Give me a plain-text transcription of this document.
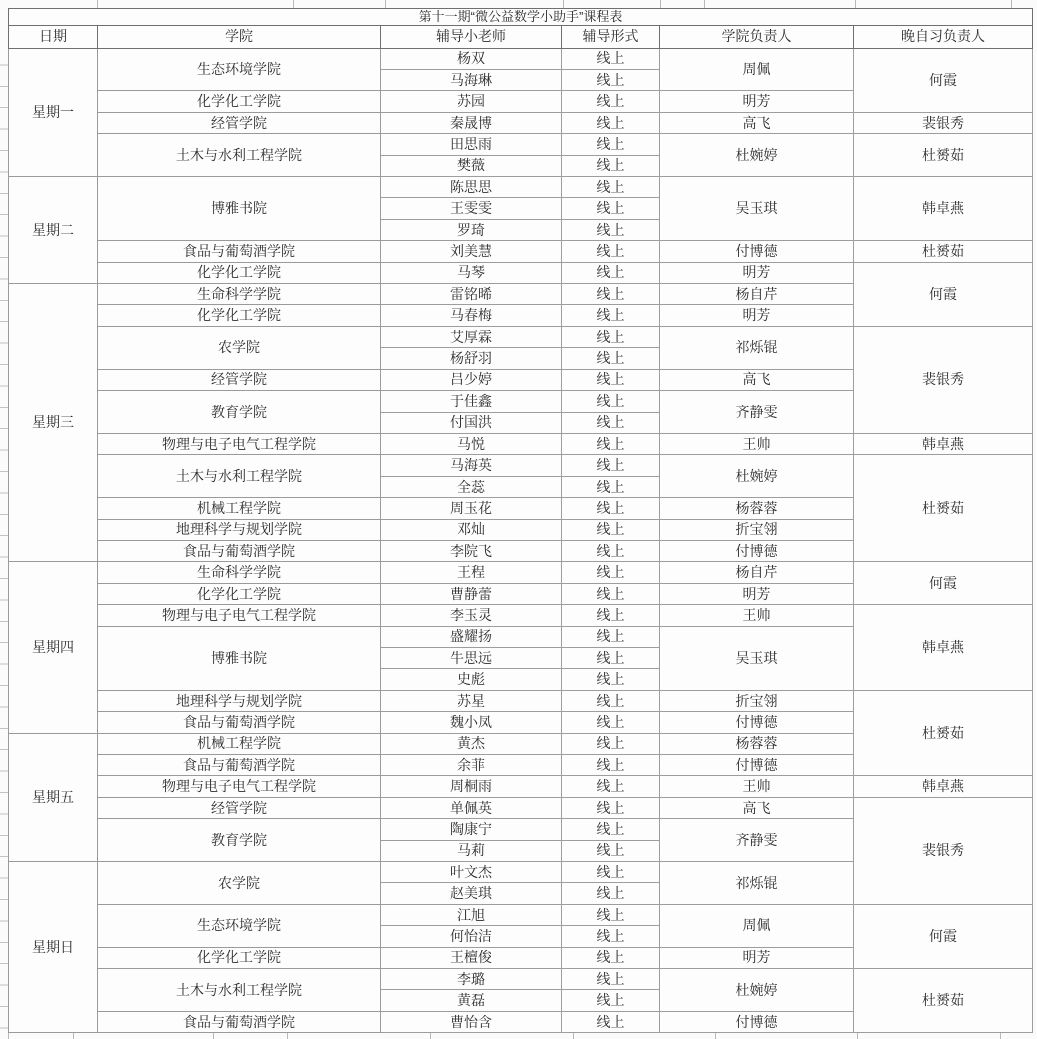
第十一期“微公益数学小助手”课程表					
日期	学院	辅导小老师	辅导形式	学院负责人	晚自习负责人
星期一	生态环境学院	杨双	线上	周佩	何霞
		马海琳	线上		
	化学化工学院	苏园	线上	明芳	
	经管学院	秦晟博	线上	高飞	裴银秀
	土木与水利工程学院	田思雨	线上	杜婉婷	杜赟茹
		樊薇	线上		
星期二	博雅书院	陈思思	线上	吴玉琪	韩卓燕
		王雯雯	线上		
		罗琦	线上		
	食品与葡萄酒学院	刘美慧	线上	付博德	杜赟茹
	化学化工学院	马琴	线上	明芳	何霞
星期三	生命科学学院	雷铭晞	线上	杨自芹	
	化学化工学院	马春梅	线上	明芳	
	农学院	艾厚霖	线上	祁烁锟	裴银秀
		杨舒羽	线上		
	经管学院	吕少婷	线上	高飞	
	教育学院	于佳鑫	线上	齐静雯	
		付国洪	线上		
	物理与电子电气工程学院	马悦	线上	王帅	韩卓燕
	土木与水利工程学院	马海英	线上	杜婉婷	杜赟茹
		全蕊	线上		
	机械工程学院	周玉花	线上	杨蓉蓉	
	地理科学与规划学院	邓灿	线上	折宝翎	
	食品与葡萄酒学院	李院飞	线上	付博德	
星期四	生命科学学院	王程	线上	杨自芹	何霞
	化学化工学院	曹静蕾	线上	明芳	
	物理与电子电气工程学院	李玉灵	线上	王帅	韩卓燕
	博雅书院	盛耀扬	线上	吴玉琪	
		牛思远	线上		
		史彪	线上		
	地理科学与规划学院	苏星	线上	折宝翎	杜赟茹
	食品与葡萄酒学院	魏小凤	线上	付博德	
星期五	机械工程学院	黄杰	线上	杨蓉蓉	
	食品与葡萄酒学院	余菲	线上	付博德	
	物理与电子电气工程学院	周桐雨	线上	王帅	韩卓燕
	经管学院	单佩英	线上	高飞	裴银秀
	教育学院	陶康宁	线上	齐静雯	
		马莉	线上		
星期日	农学院	叶文杰	线上	祁烁锟	
		赵美琪	线上		
	生态环境学院	江旭	线上	周佩	何霞
		何怡洁	线上		
	化学化工学院	王檀俊	线上	明芳	
	土木与水利工程学院	李璐	线上	杜婉婷	杜赟茹
		黄磊	线上		
	食品与葡萄酒学院	曹怡含	线上	付博德	
